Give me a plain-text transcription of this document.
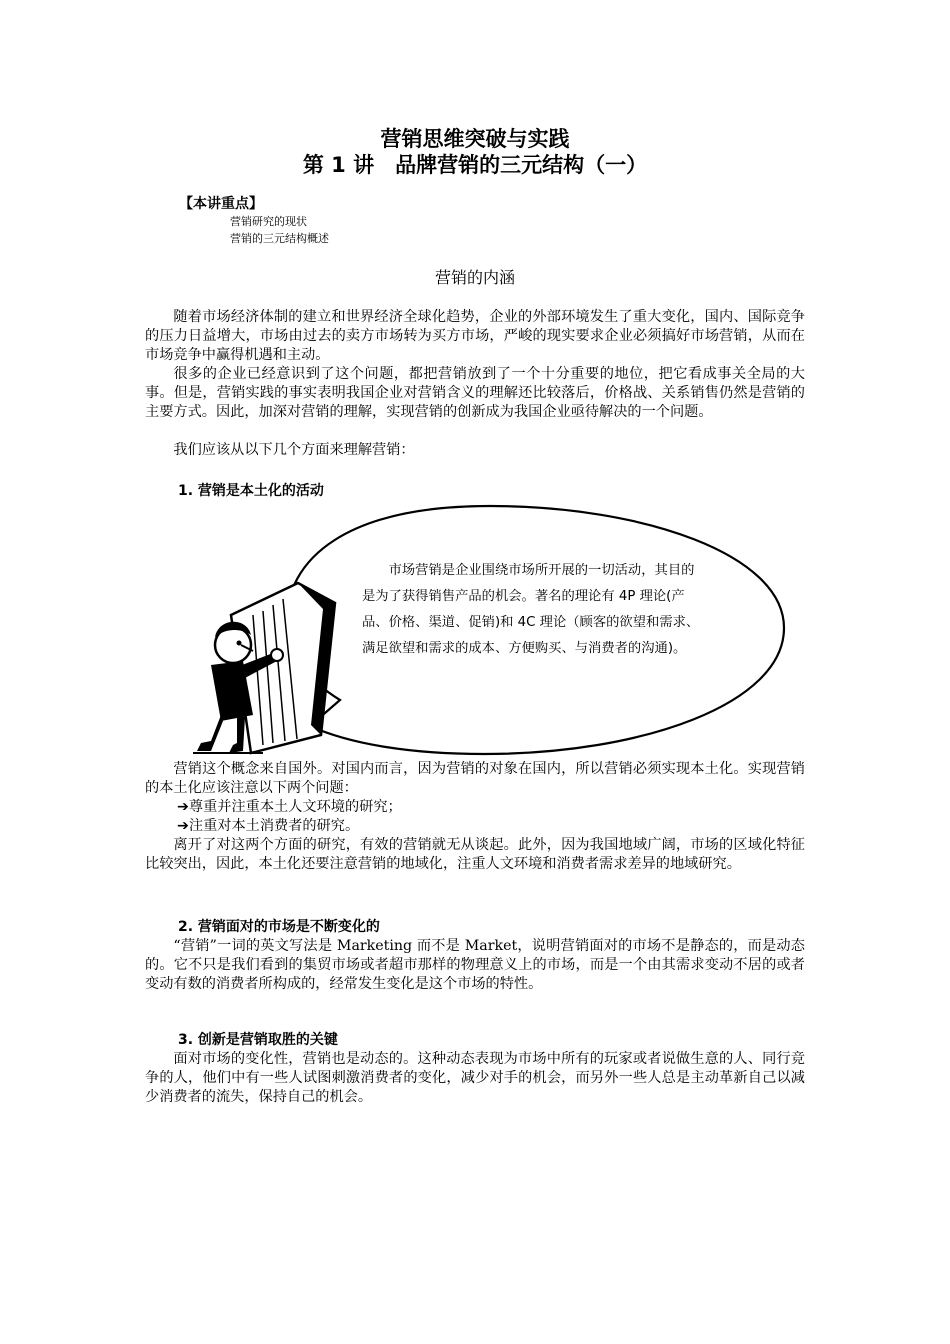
营销思维突破与实践
第 1 讲　品牌营销的三元结构（一）
【本讲重点】
营销研究的现状
营销的三元结构概述
营销的内涵

随着市场经济体制的建立和世界经济全球化趋势，企业的外部环境发生了重大变化，国内、国际竞争的压力日益增大，市场由过去的卖方市场转为买方市场，严峻的现实要求企业必须搞好市场营销，从而在市场竞争中赢得机遇和主动。

很多的企业已经意识到了这个问题，都把营销放到了一个十分重要的地位，把它看成事关全局的大事。但是，营销实践的事实表明我国企业对营销含义的理解还比较落后，价格战、关系销售仍然是营销的主要方式。因此，加深对营销的理解，实现营销的创新成为我国企业亟待解决的一个问题。

我们应该从以下几个方面来理解营销：

1. 营销是本土化的活动

市场营销是企业围绕市场所开展的一切活动，其目的是为了获得销售产品的机会。著名的理论有 4P 理论(产品、价格、渠道、促销)和 4C 理论（顾客的欲望和需求、满足欲望和需求的成本、方便购买、与消费者的沟通)。

营销这个概念来自国外。对国内而言，因为营销的对象在国内，所以营销必须实现本土化。实现营销的本土化应该注意以下两个问题：

➔尊重并注重本土人文环境的研究；
➔注重对本土消费者的研究。

离开了对这两个方面的研究，有效的营销就无从谈起。此外，因为我国地域广阔，市场的区域化特征比较突出，因此，本土化还要注意营销的地域化，注重人文环境和消费者需求差异的地域研究。

2. 营销面对的市场是不断变化的

“营销”一词的英文写法是 Marketing 而不是 Market，说明营销面对的市场不是静态的，而是动态的。它不只是我们看到的集贸市场或者超市那样的物理意义上的市场，而是一个由其需求变动不居的或者变动有数的消费者所构成的，经常发生变化是这个市场的特性。

3. 创新是营销取胜的关键

面对市场的变化性，营销也是动态的。这种动态表现为市场中所有的玩家或者说做生意的人、同行竞争的人，他们中有一些人试图刺激消费者的变化，减少对手的机会，而另外一些人总是主动革新自己以减少消费者的流失，保持自己的机会。
